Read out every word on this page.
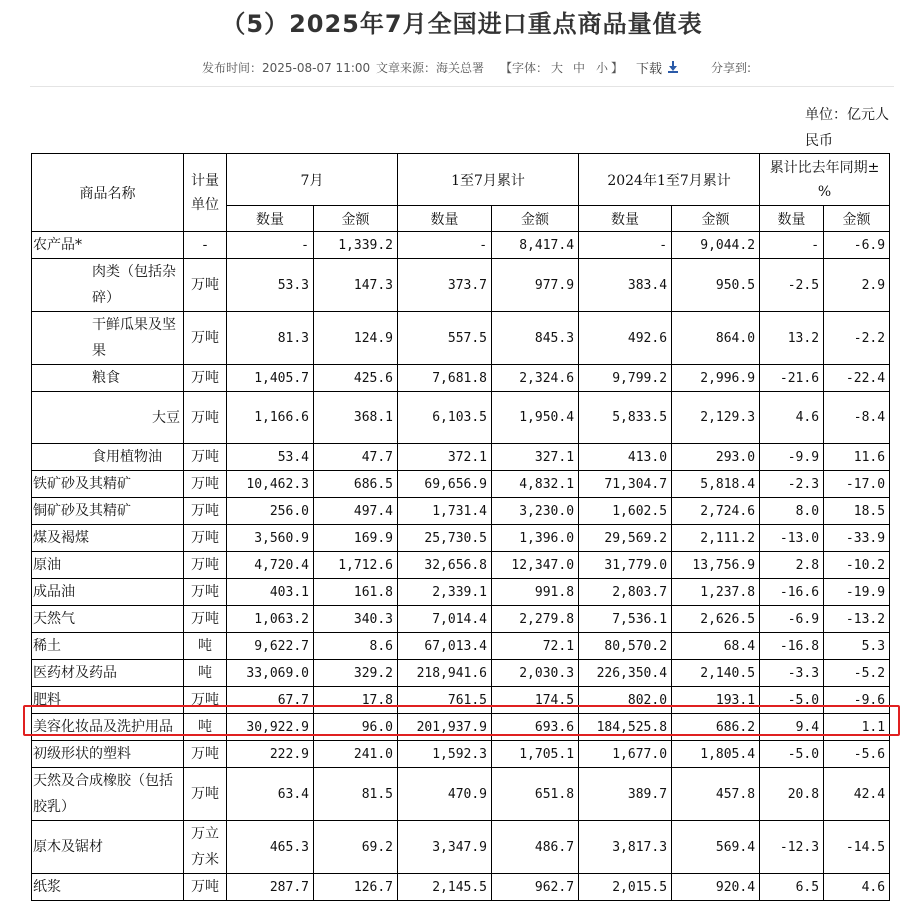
（5）2025年7月全国进口重点商品量值表
发布时间：2025-08-07 11:00 文章来源：海关总署 【字体： 大 中 小 】 下载	分享到:
单位：亿元人民币
商品名称	计量单位	7月		1至7月累计		2024年1至7月累计		累计比去年同期±%	
		数量	金额	数量	金额	数量	金额	数量	金额
农产品*	-	-	1,339.2	-	8,417.4	-	9,044.2	-	-6.9
肉类（包括杂碎）	万吨	53.3	147.3	373.7	977.9	383.4	950.5	-2.5	2.9
干鲜瓜果及坚果	万吨	81.3	124.9	557.5	845.3	492.6	864.0	13.2	-2.2
粮食	万吨	1,405.7	425.6	7,681.8	2,324.6	9,799.2	2,996.9	-21.6	-22.4
大豆	万吨	1,166.6	368.1	6,103.5	1,950.4	5,833.5	2,129.3	4.6	-8.4
食用植物油	万吨	53.4	47.7	372.1	327.1	413.0	293.0	-9.9	11.6
铁矿砂及其精矿	万吨	10,462.3	686.5	69,656.9	4,832.1	71,304.7	5,818.4	-2.3	-17.0
铜矿砂及其精矿	万吨	256.0	497.4	1,731.4	3,230.0	1,602.5	2,724.6	8.0	18.5
煤及褐煤	万吨	3,560.9	169.9	25,730.5	1,396.0	29,569.2	2,111.2	-13.0	-33.9
原油	万吨	4,720.4	1,712.6	32,656.8	12,347.0	31,779.0	13,756.9	2.8	-10.2
成品油	万吨	403.1	161.8	2,339.1	991.8	2,803.7	1,237.8	-16.6	-19.9
天然气	万吨	1,063.2	340.3	7,014.4	2,279.8	7,536.1	2,626.5	-6.9	-13.2
稀土	吨	9,622.7	8.6	67,013.4	72.1	80,570.2	68.4	-16.8	5.3
医药材及药品	吨	33,069.0	329.2	218,941.6	2,030.3	226,350.4	2,140.5	-3.3	-5.2
肥料	万吨	67.7	17.8	761.5	174.5	802.0	193.1	-5.0	-9.6
美容化妆品及洗护用品	吨	30,922.9	96.0	201,937.9	693.6	184,525.8	686.2	9.4	1.1
初级形状的塑料	万吨	222.9	241.0	1,592.3	1,705.1	1,677.0	1,805.4	-5.0	-5.6
天然及合成橡胶（包括胶乳）	万吨	63.4	81.5	470.9	651.8	389.7	457.8	20.8	42.4
原木及锯材	万立方米	465.3	69.2	3,347.9	486.7	3,817.3	569.4	-12.3	-14.5
纸浆	万吨	287.7	126.7	2,145.5	962.7	2,015.5	920.4	6.5	4.6
